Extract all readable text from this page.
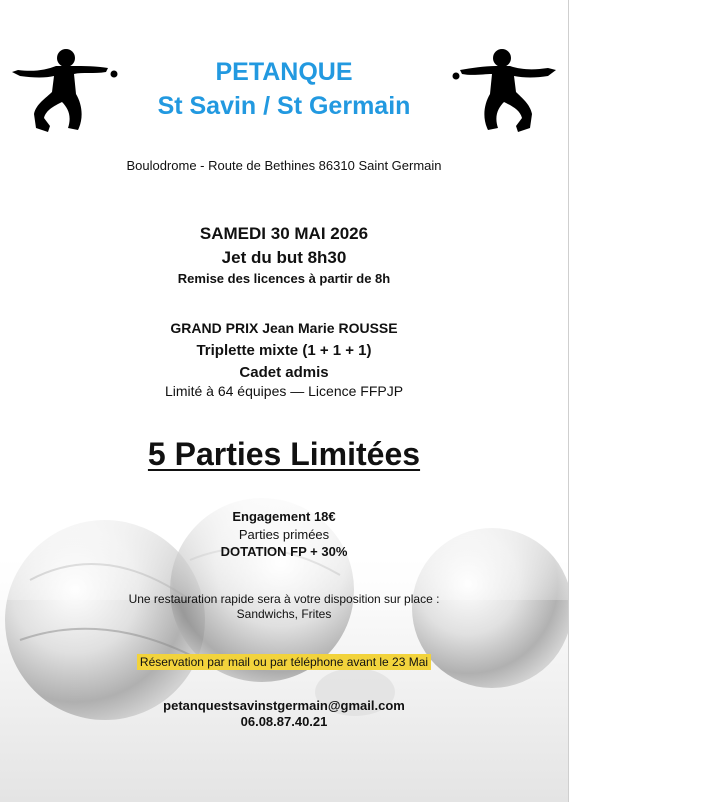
PETANQUE
St Savin / St Germain
Boulodrome - Route de Bethines 86310 Saint Germain
SAMEDI 30 MAI 2026
Jet du but 8h30
Remise des licences à partir de 8h
GRAND PRIX Jean Marie ROUSSE
Triplette mixte (1 + 1 + 1)
Cadet admis
Limité à 64 équipes — Licence FFPJP
5 Parties Limitées
Engagement 18€
Parties primées
DOTATION FP + 30%
Une restauration rapide sera à votre disposition sur place :
Sandwichs, Frites
Réservation par mail ou par téléphone avant le 23 Mai
petanquestsavinstgermain@gmail.com
06.08.87.40.21
